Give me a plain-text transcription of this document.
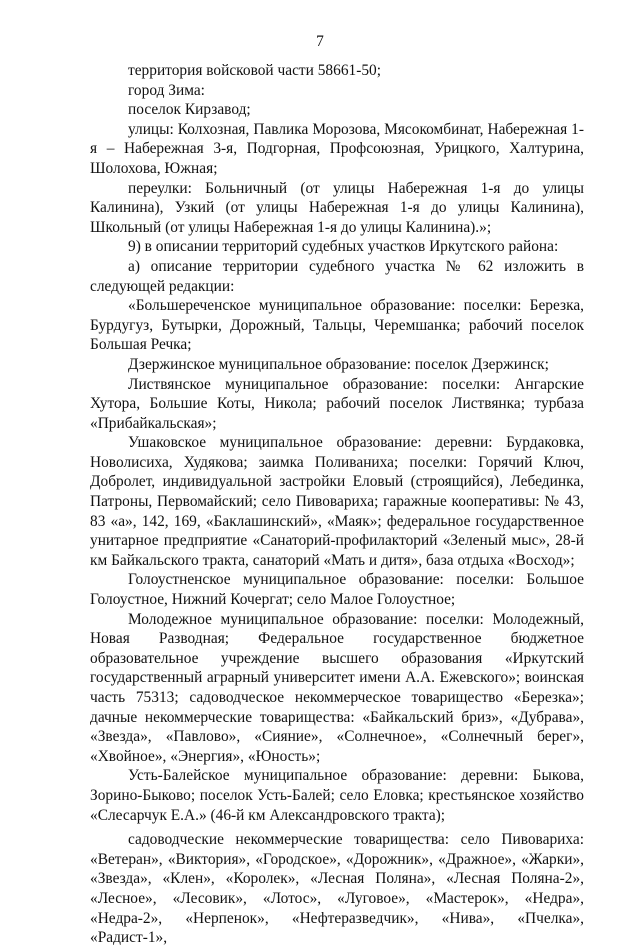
7

территория войсковой части 58661-50;

город Зима:

поселок Кирзавод;

улицы: Колхозная, Павлика Морозова, Мясокомбинат, Набережная 1-я – Набережная 3-я, Подгорная, Профсоюзная, Урицкого, Халтурина, Шолохова, Южная;

переулки: Больничный (от улицы Набережная 1-я до улицы Калинина), Узкий (от улицы Набережная 1-я до улицы Калинина), Школьный (от улицы Набережная 1-я до улицы Калинина).»;

9) в описании территорий судебных участков Иркутского района:

а) описание территории судебного участка № 62 изложить в следующей редакции:

«Большереченское муниципальное образование: поселки: Березка, Бурдугуз, Бутырки, Дорожный, Тальцы, Черемшанка; рабочий поселок Большая Речка;

Дзержинское муниципальное образование: поселок Дзержинск;

Листвянское муниципальное образование: поселки: Ангарские Хутора, Большие Коты, Никола; рабочий поселок Листвянка; турбаза «Прибайкальская»;

Ушаковское муниципальное образование: деревни: Бурдаковка, Новолисиха, Худякова; заимка Поливаниха; поселки: Горячий Ключ, Добролет, индивидуальной застройки Еловый (строящийся), Лебединка, Патроны, Первомайский; село Пивовариха; гаражные кооперативы: № 43, 83 «а», 142, 169, «Баклашинский», «Маяк»; федеральное государственное унитарное предприятие «Санаторий-профилакторий «Зеленый мыс», 28-й км Байкальского тракта, санаторий «Мать и дитя», база отдыха «Восход»;

Голоустненское муниципальное образование: поселки: Большое Голоустное, Нижний Кочергат; село Малое Голоустное;

Молодежное муниципальное образование: поселки: Молодежный, Новая Разводная; Федеральное государственное бюджетное образовательное учреждение высшего образования «Иркутский государственный аграрный университет имени А.А. Ежевского»; воинская часть 75313; садоводческое некоммерческое товарищество «Березка»; дачные некоммерческие товарищества: «Байкальский бриз», «Дубрава», «Звезда», «Павлово», «Сияние», «Солнечное», «Солнечный берег», «Хвойное», «Энергия», «Юность»;

Усть-Балейское муниципальное образование: деревни: Быкова, Зорино-Быково; поселок Усть-Балей; село Еловка; крестьянское хозяйство «Слесарчук Е.А.» (46-й км Александровского тракта);

садоводческие некоммерческие товарищества: село Пивовариха: «Ветеран», «Виктория», «Городское», «Дорожник», «Дражное», «Жарки», «Звезда», «Клен», «Королек», «Лесная Поляна», «Лесная Поляна-2», «Лесное», «Лесовик», «Лотос», «Луговое», «Мастерок», «Недра», «Недра-2», «Нерпенок», «Нефтеразведчик», «Нива», «Пчелка», «Радист-1»,
